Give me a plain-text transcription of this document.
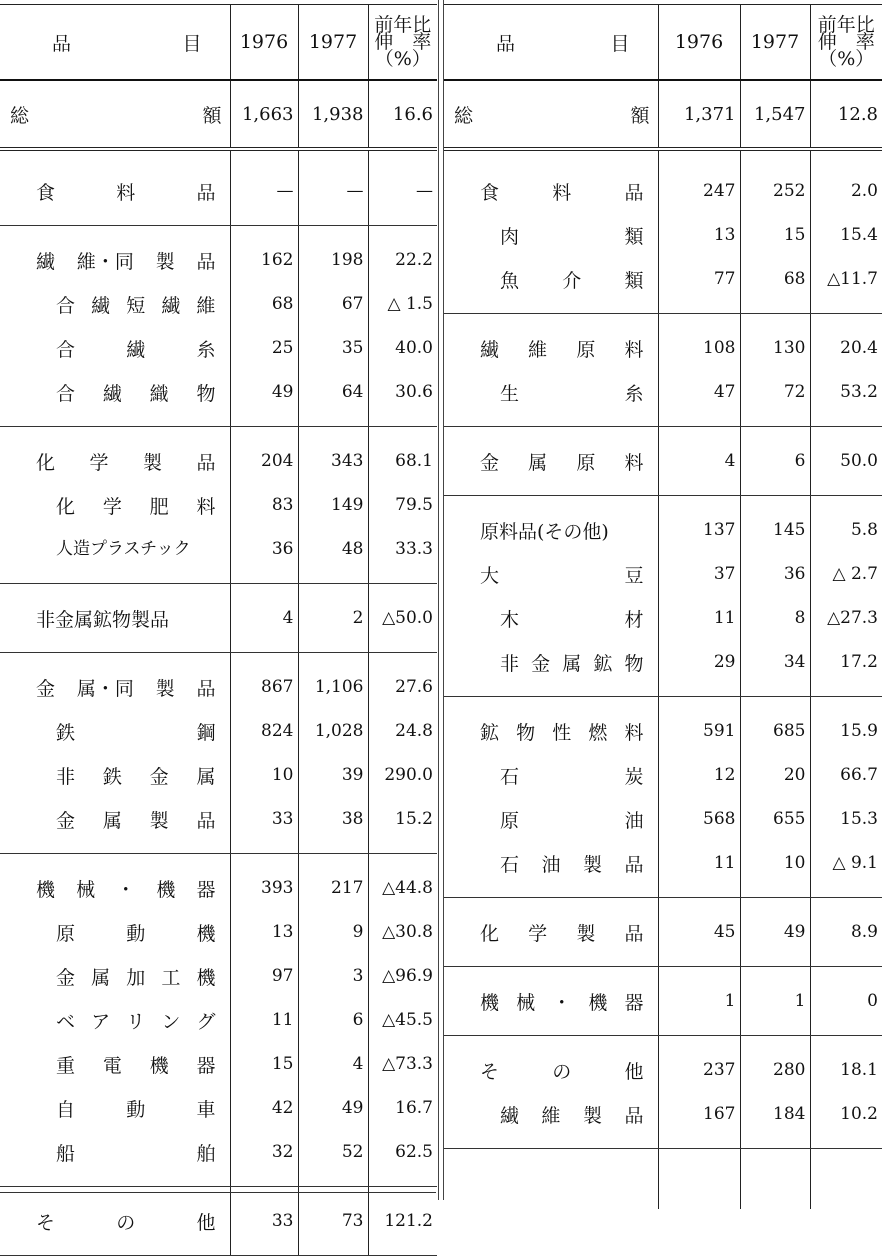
品 目	1976	1977	前年比
伸　率
（%）

総 額	1,663	1,938	16.6

食 料 品	—	—	—

繊 維・同 製 品	162	198	22.2

合 繊 短 繊 維	68	67	△ 1.5

合 繊 糸	25	35	40.0

合 繊 織 物	49	64	30.6

化 学 製 品	204	343	68.1

化 学 肥 料	83	149	79.5

人造プラスチック	36	48	33.3

非金属鉱物製品	4	2	△50.0

金 属・同 製 品	867	1,106	27.6

鉄 鋼	824	1,028	24.8

非 鉄 金 属	10	39	290.0

金 属 製 品	33	38	15.2

機 械 ・ 機 器	393	217	△44.8

原 動 機	13	9	△30.8

金 属 加 工 機	97	3	△96.9

ベ ア リ ン グ	11	6	△45.5

重 電 機 器	15	4	△73.3

自 動 車	42	49	16.7

船 舶	32	52	62.5

そ の 他	33	73	121.2
品 目	1976	1977	前年比
伸　率
（%）

総 額	1,371	1,547	12.8

食 料 品	247	252	2.0

肉 類	13	15	15.4

魚 介 類	77	68	△11.7

繊 維 原 料	108	130	20.4

生 糸	47	72	53.2

金 属 原 料	4	6	50.0

原料品(その他)	137	145	5.8

大 豆	37	36	△ 2.7

木 材	11	8	△27.3

非 金 属 鉱 物	29	34	17.2

鉱 物 性 燃 料	591	685	15.9

石 炭	12	20	66.7

原 油	568	655	15.3

石 油 製 品	11	10	△ 9.1

化 学 製 品	45	49	8.9

機 械 ・ 機 器	1	1	0

そ の 他	237	280	18.1

繊 維 製 品	167	184	10.2
